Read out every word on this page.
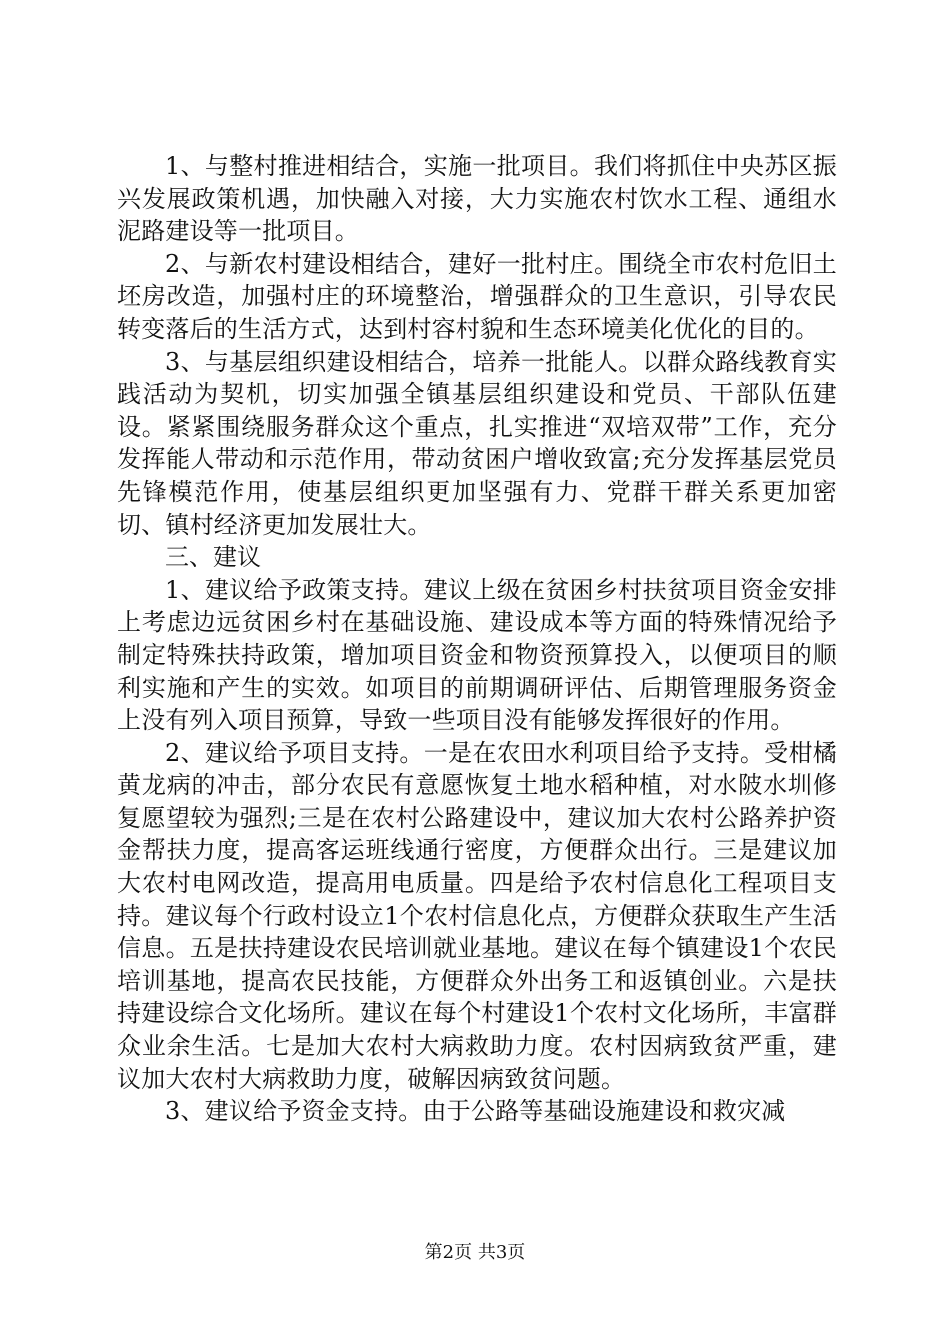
1、与整村推进相结合，实施一批项目。我们将抓住中央苏区振兴发展政策机遇，加快融入对接，大力实施农村饮水工程、通组水泥路建设等一批项目。

2、与新农村建设相结合，建好一批村庄。围绕全市农村危旧土坯房改造，加强村庄的环境整治，增强群众的卫生意识，引导农民转变落后的生活方式，达到村容村貌和生态环境美化优化的目的。

3、与基层组织建设相结合，培养一批能人。以群众路线教育实践活动为契机，切实加强全镇基层组织建设和党员、干部队伍建设。紧紧围绕服务群众这个重点，扎实推进“双培双带”工作，充分发挥能人带动和示范作用，带动贫困户增收致富;充分发挥基层党员先锋模范作用，使基层组织更加坚强有力、党群干群关系更加密切、镇村经济更加发展壮大。

三、建议

1、建议给予政策支持。建议上级在贫困乡村扶贫项目资金安排上考虑边远贫困乡村在基础设施、建设成本等方面的特殊情况给予制定特殊扶持政策，增加项目资金和物资预算投入，以便项目的顺利实施和产生的实效。如项目的前期调研评估、后期管理服务资金上没有列入项目预算，导致一些项目没有能够发挥很好的作用。

2、建议给予项目支持。一是在农田水利项目给予支持。受柑橘黄龙病的冲击，部分农民有意愿恢复土地水稻种植，对水陂水圳修复愿望较为强烈;三是在农村公路建设中，建议加大农村公路养护资金帮扶力度，提高客运班线通行密度，方便群众出行。三是建议加大农村电网改造，提高用电质量。四是给予农村信息化工程项目支持。建议每个行政村设立1个农村信息化点，方便群众获取生产生活信息。五是扶持建设农民培训就业基地。建议在每个镇建设1个农民培训基地，提高农民技能，方便群众外出务工和返镇创业。六是扶持建设综合文化场所。建议在每个村建设1个农村文化场所，丰富群众业余生活。七是加大农村大病救助力度。农村因病致贫严重，建议加大农村大病救助力度，破解因病致贫问题。

3、建议给予资金支持。由于公路等基础设施建设和救灾减

第2页 共3页
